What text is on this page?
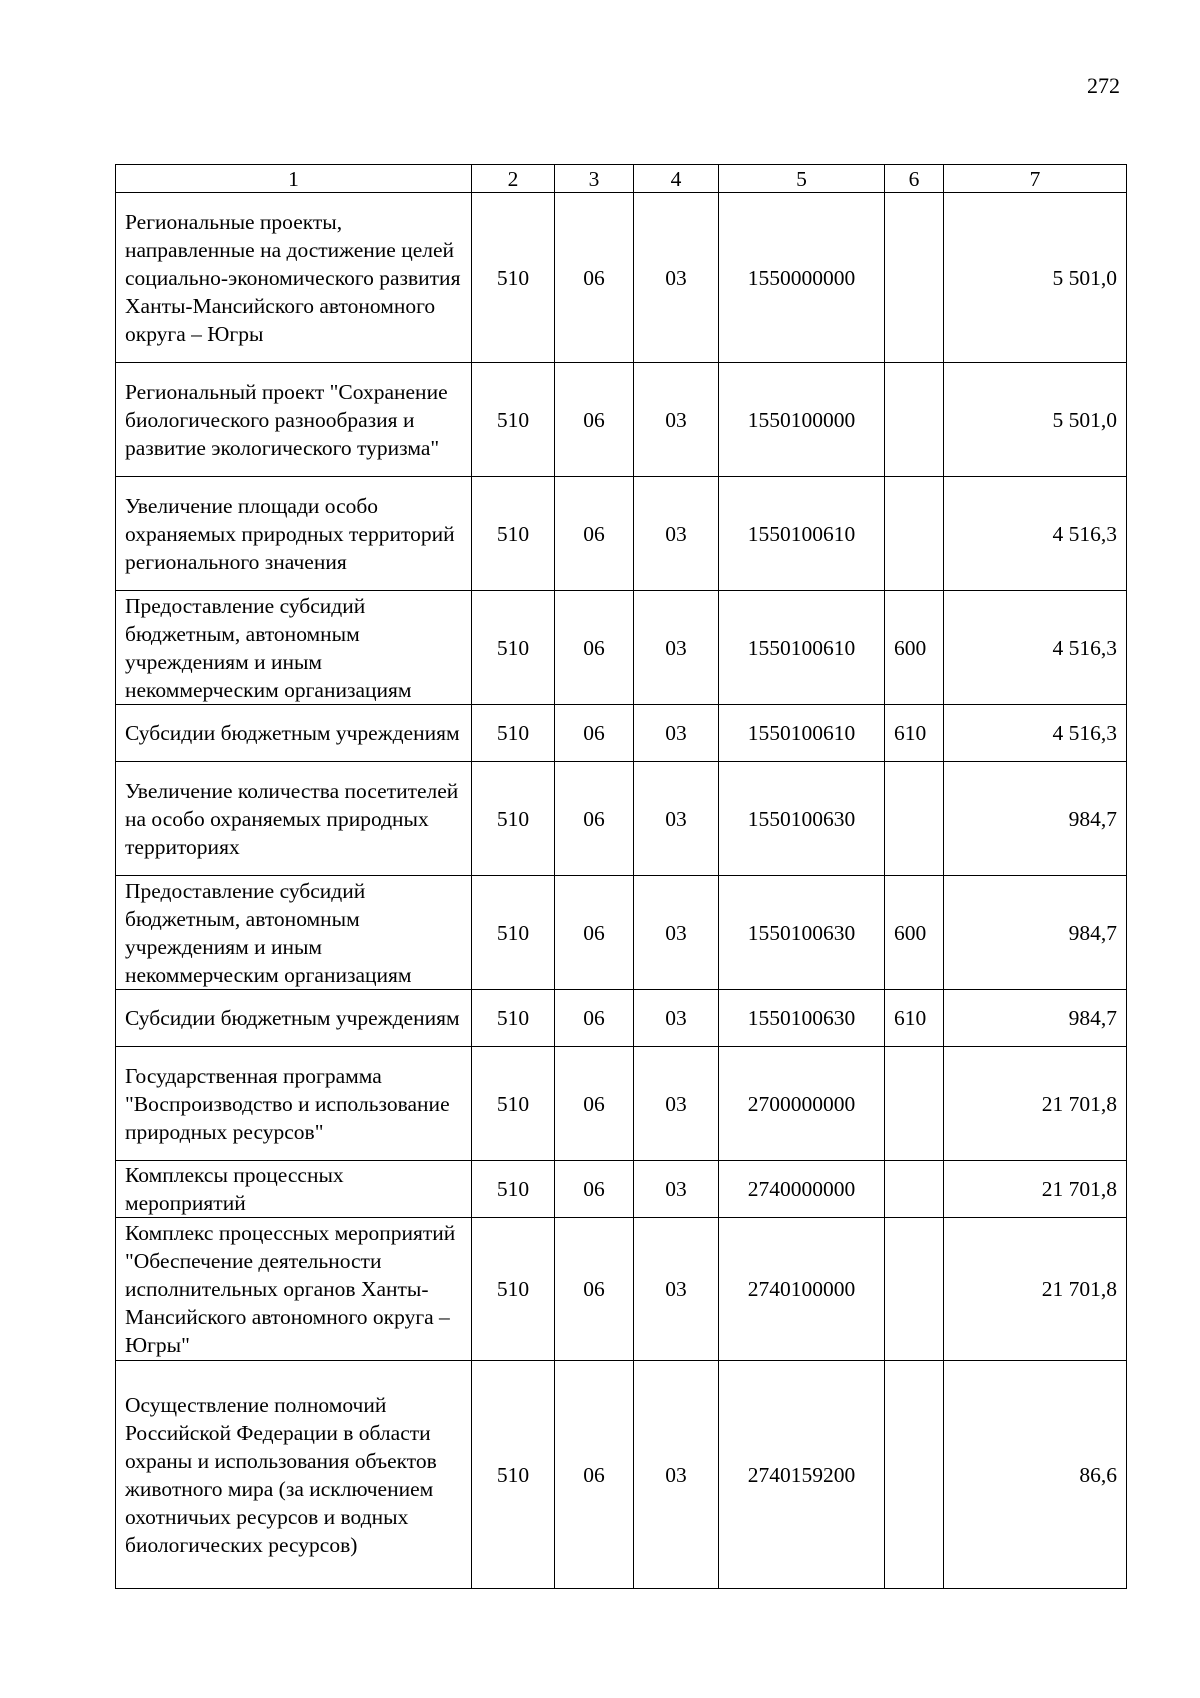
272
1	2	3	4	5	6	7
Региональные проекты, направленные на достижение целей социально-экономического развития Ханты-Мансийского автономного округа – Югры	510	06	03	1550000000		5 501,0
Региональный проект "Сохранение биологического разнообразия и развитие экологического туризма"	510	06	03	1550100000		5 501,0
Увеличение площади особо охраняемых природных территорий регионального значения	510	06	03	1550100610		4 516,3
Предоставление субсидий бюджетным, автономным учреждениям и иным некоммерческим организациям	510	06	03	1550100610	600	4 516,3
Субсидии бюджетным учреждениям	510	06	03	1550100610	610	4 516,3
Увеличение количества посетителей на особо охраняемых природных территориях	510	06	03	1550100630		984,7
Предоставление субсидий бюджетным, автономным учреждениям и иным некоммерческим организациям	510	06	03	1550100630	600	984,7
Субсидии бюджетным учреждениям	510	06	03	1550100630	610	984,7
Государственная программа "Воспроизводство и использование природных ресурсов"	510	06	03	2700000000		21 701,8
Комплексы процессных мероприятий	510	06	03	2740000000		21 701,8
Комплекс процессных мероприятий "Обеспечение деятельности исполнительных органов Ханты-Мансийского автономного округа – Югры"	510	06	03	2740100000		21 701,8
Осуществление полномочий Российской Федерации в области охраны и использования объектов животного мира (за исключением охотничьих ресурсов и водных биологических ресурсов)	510	06	03	2740159200		86,6
